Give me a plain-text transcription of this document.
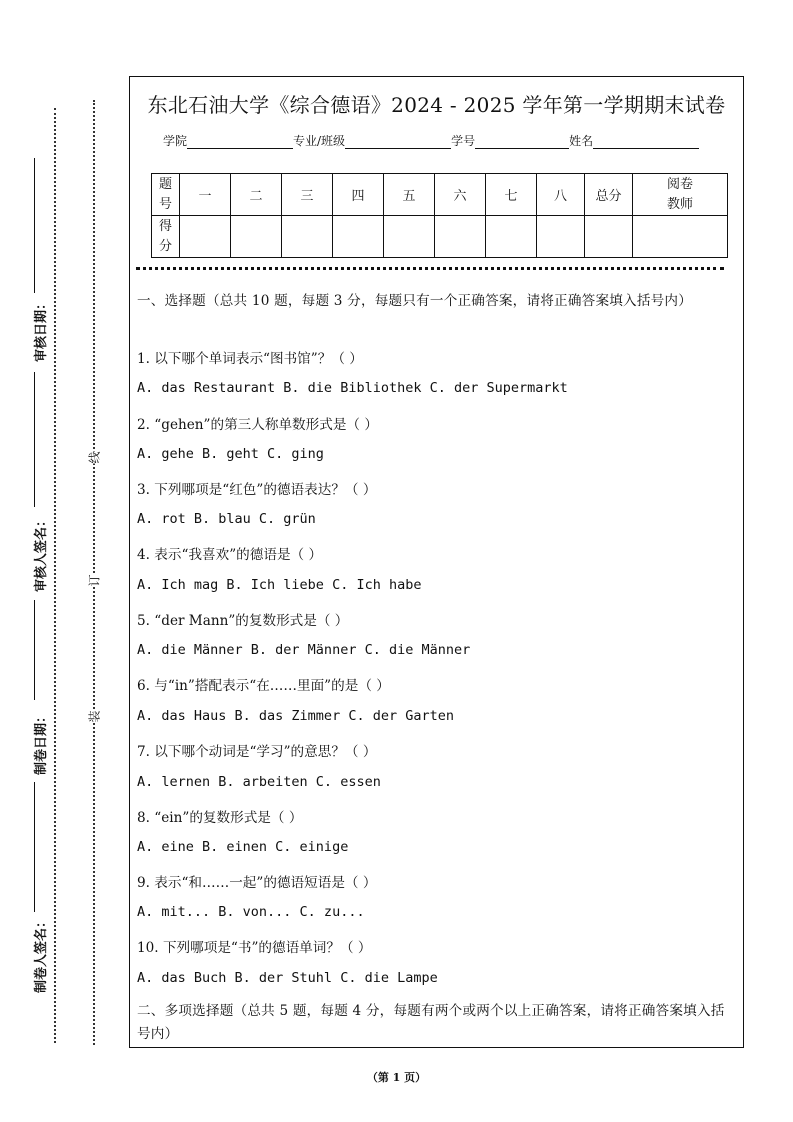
审核日期：
审核人签名：
制卷日期：
制卷人签名：
线
订
装
东北石油大学《综合德语》2024 - 2025 学年第一学期期末试卷
学院	专业/班级	学号	姓名
题号	一	二	三	四	五	六	七	八	总分	阅卷教师
得分										
一、选择题（总共 10 题，每题 3 分，每题只有一个正确答案，请将正确答案填入括号内）
1. 以下哪个单词表示“图书馆”？（ ）
A. das Restaurant B. die Bibliothek C. der Supermarkt
2. “gehen”的第三人称单数形式是（ ）
A. gehe B. geht C. ging
3. 下列哪项是“红色”的德语表达？（ ）
A. rot B. blau C. grün
4. 表示“我喜欢”的德语是（ ）
A. Ich mag B. Ich liebe C. Ich habe
5. “der Mann”的复数形式是（ ）
A. die Männer B. der Männer C. die Männer
6. 与“in”搭配表示“在……里面”的是（ ）
A. das Haus B. das Zimmer C. der Garten
7. 以下哪个动词是“学习”的意思？（ ）
A. lernen B. arbeiten C. essen
8. “ein”的复数形式是（ ）
A. eine B. einen C. einige
9. 表示“和……一起”的德语短语是（ ）
A. mit... B. von... C. zu...
10. 下列哪项是“书”的德语单词？（ ）
A. das Buch B. der Stuhl C. die Lampe
二、多项选择题（总共 5 题，每题 4 分，每题有两个或两个以上正确答案，请将正确答案填入括号内）
（第 1 页）
